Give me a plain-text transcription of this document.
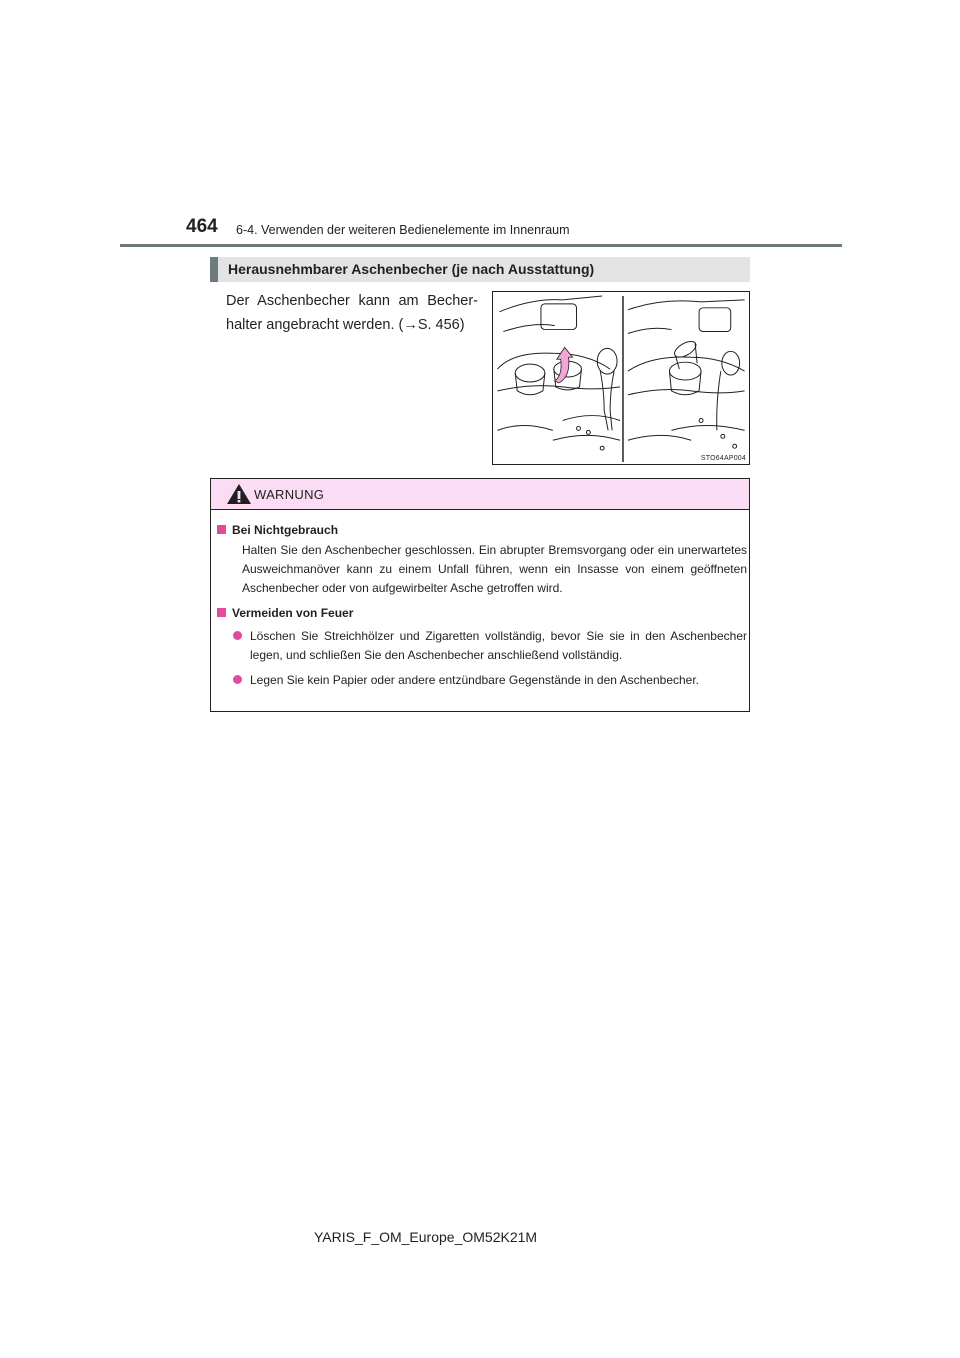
464 6-4. Verwenden der weiteren Bedienelemente im Innenraum
Herausnehmbarer Aschenbecher (je nach Ausstattung)

Der Aschenbecher kann am Becher-

halter angebracht werden. (→S. 456)

STO64AP004
WARNUNG

Bei Nichtgebrauch

Halten Sie den Aschenbecher geschlossen. Ein abrupter Bremsvorgang oder ein unerwartetes Ausweichmanöver kann zu einem Unfall führen, wenn ein Insasse von einem geöffneten Aschenbecher oder von aufgewirbelter Asche getroffen wird.

Vermeiden von Feuer

Löschen Sie Streichhölzer und Zigaretten vollständig, bevor Sie sie in den Aschenbecher legen, und schließen Sie den Aschenbecher anschließend vollständig.
Legen Sie kein Papier oder andere entzündbare Gegenstände in den Aschenbecher.
YARIS_F_OM_Europe_OM52K21M
